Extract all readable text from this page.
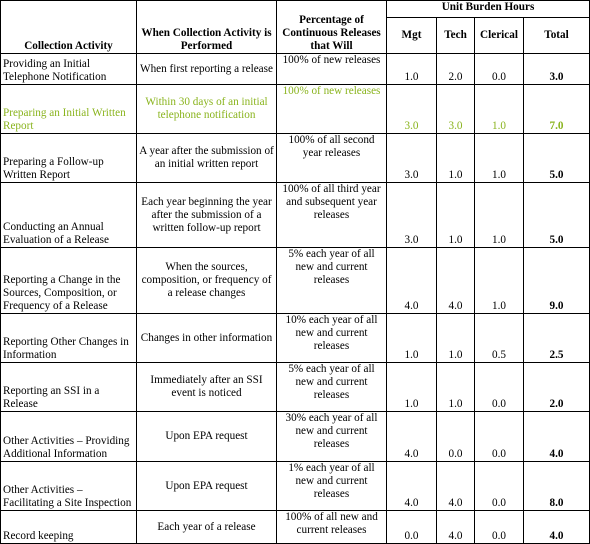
Collection Activity	When Collection Activity is Performed	Percentage of Continuous Releases that Will	Unit Burden Hours			
			Mgt	Tech	Clerical	Total
Providing an Initial Telephone Notification	When first reporting a release	100% of new releases	1.0	2.0	0.0	3.0
Preparing an Initial Written Report	Within 30 days of an initial telephone notification	100% of new releases	3.0	3.0	1.0	7.0
Preparing a Follow-up Written Report	A year after the submission of an initial written report	100% of all second year releases	3.0	1.0	1.0	5.0
Conducting an Annual Evaluation of a Release	Each year beginning the year after the submission of a written follow-up report	100% of all third year and subsequent year releases	3.0	1.0	1.0	5.0
Reporting a Change in the Sources, Composition, or Frequency of a Release	When the sources, composition, or frequency of a release changes	5% each year of all new and current releases	4.0	4.0	1.0	9.0
Reporting Other Changes in Information	Changes in other information	10% each year of all new and current releases	1.0	1.0	0.5	2.5
Reporting an SSI in a Release	Immediately after an SSI event is noticed	5% each year of all new and current releases	1.0	1.0	0.0	2.0
Other Activities – Providing Additional Information	Upon EPA request	30% each year of all new and current releases	4.0	0.0	0.0	4.0
Other Activities – Facilitating a Site Inspection	Upon EPA request	1% each year of all new and current releases	4.0	4.0	0.0	8.0
Record keeping	Each year of a release	100% of all new and current releases	0.0	4.0	0.0	4.0
